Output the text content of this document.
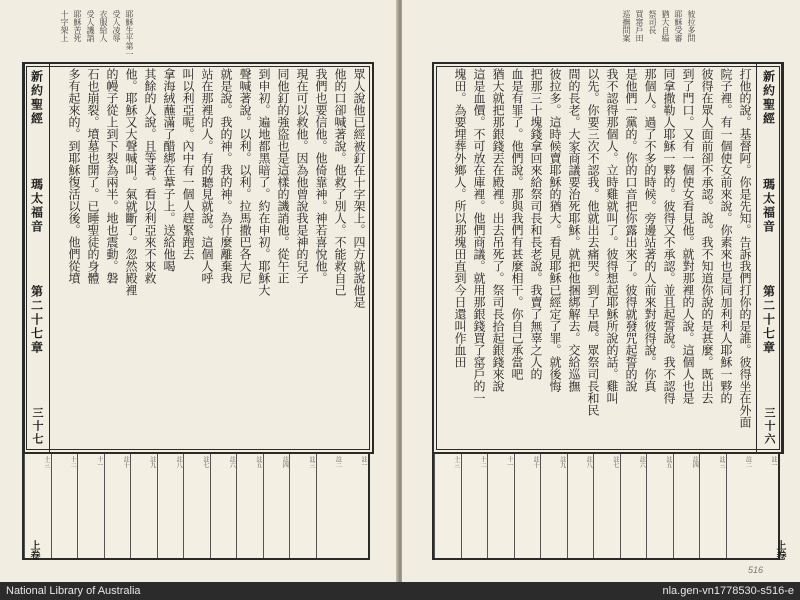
耶穌生平第一
受人凌辱
衣服給人
受人譏誚
耶穌苦死
十字架上
新約聖經
瑪太福音
第二十七章
三十七
眾人說他已經被釘在十字架上。四方就說他是
他的口卻喊著說。他救了別人。不能救自己
我們也要信他。他倚靠神。神若喜悅他。
現在可以救他。因為他曾說我是神的兒子
同他釘的強盜也是這樣的譏誚他。從午正
到申初。遍地都黑暗了。約在申初。耶穌大
聲喊著說。以利。以利。拉馬撒巴各大尼
就是說。我的神。我的神。為什麼離棄我
站在那裡的人。有的聽見就說。這個人呼
叫以利亞呢。內中有一個人趕緊跑去
拿海絨蘸滿了醋綁在葦子上。送給他喝
其餘的人說。且等著。看以利亞來不來救
他。耶穌又大聲喊叫。氣就斷了。忽然殿裡
的幔子從上到下裂為兩半。地也震動。磐
石也崩裂。墳墓也開了。已睡聖徒的身體
多有起來的。到耶穌復活以後。他們從墳
註一
註二
註三
註四
註五
註六
註七
註八
註九
註十
十一
十二
十三
上卷
彼拉多問
耶穌受審
猶大自縊
祭司長
買窰戶田
巡撫問案
新約聖經
瑪太福音
第二十七章
三十六
打他的說。基督阿。你是先知。告訴我們打你的是誰。彼得坐在外面
院子裡。有一個使女前來說。你素來也是同加利利人耶穌一夥的
彼得在眾人面前卻不承認。說。我不知道你說的是甚麼。既出去
到了門口。又有一個使女看見他。就對那裡的人說。這個人也是
同拿撒勒人耶穌一夥的。彼得又不承認。並且起誓說。我不認得
那個人。過了不多的時候。旁邊站著的人前來對彼得說。你真
是他們一黨的。你的口音把你露出來了。彼得就發咒起誓的說
我不認得那個人。立時雞就叫了。彼得想起耶穌所說的話。雞叫
以先。你要三次不認我。他就出去痛哭。到了早晨。眾祭司長和民
間的長老。大家商議要治死耶穌。就把他捆綁解去。交給巡撫
彼拉多。這時候賣耶穌的猶大。看見耶穌已經定了罪。就後悔
把那三十塊錢拿回來給祭司長和長老說。我賣了無辜之人的
血是有罪了。他們說。那與我們有甚麼相干。你自己承當吧
猶大就把那銀錢丟在殿裡。出去吊死了。祭司長拾起銀錢來說
這是血價。不可放在庫裡。他們商議。就用那銀錢買了窰戶的一
塊田。為要埋葬外鄉人。所以那塊田直到今日還叫作血田
註一
註二
註三
註四
註五
註六
註七
註八
註九
註十
十一
十二
十三
上卷
516
National Library of Australia	nla.gen-vn1778530-s516-e
